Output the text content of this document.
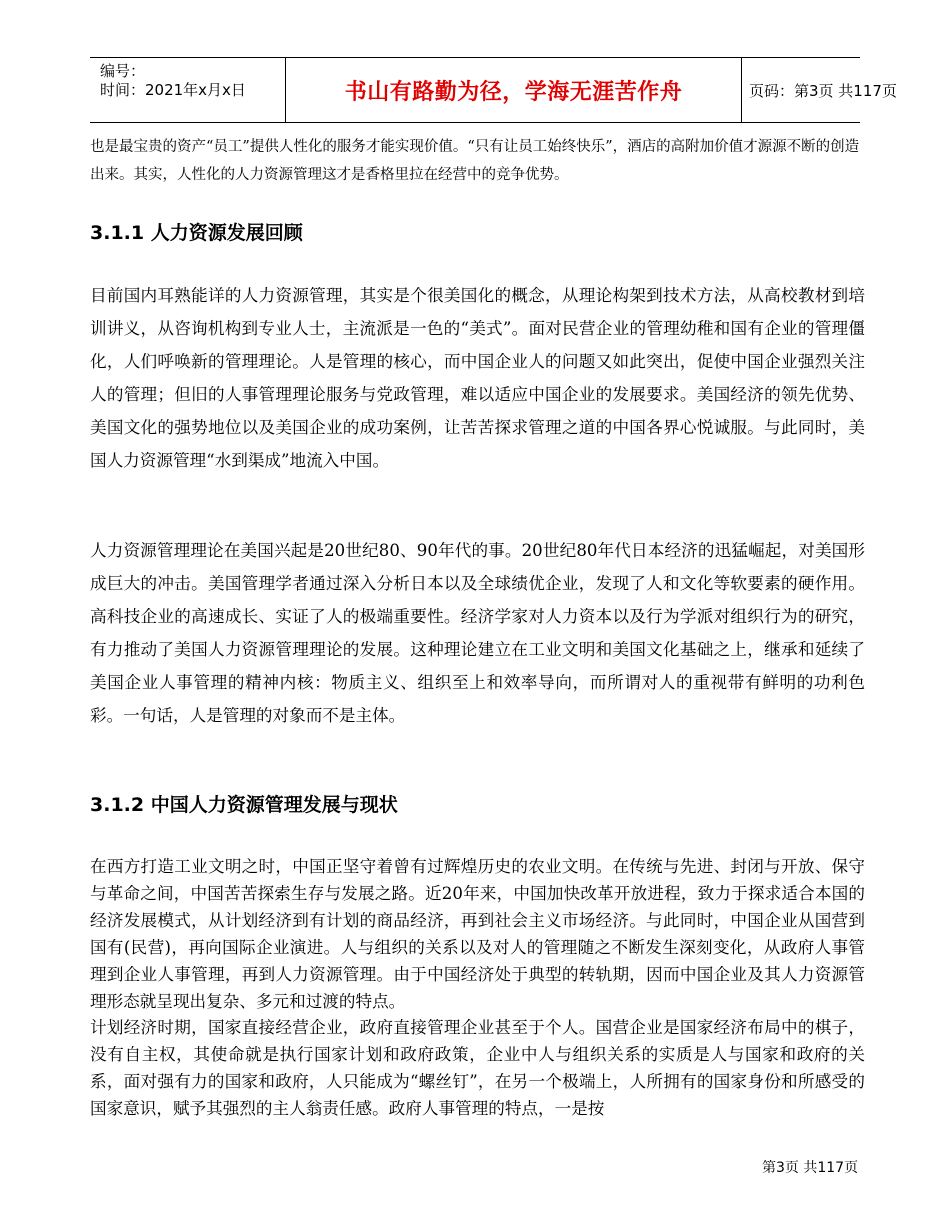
编号：
时间：2021年x月x日	书山有路勤为径，学海无涯苦作舟	页码：第3页 共117页
也是最宝贵的资产“员工”提供人性化的服务才能实现价值。“只有让员工始终快乐”，酒店的高附加价值才源源不断的创造出来。其实，人性化的人力资源管理这才是香格里拉在经营中的竞争优势。
3.1.1 人力资源发展回顾
目前国内耳熟能详的人力资源管理，其实是个很美国化的概念，从理论构架到技术方法，从高校教材到培训讲义，从咨询机构到专业人士，主流派是一色的“美式”。面对民营企业的管理幼稚和国有企业的管理僵化，人们呼唤新的管理理论。人是管理的核心，而中国企业人的问题又如此突出，促使中国企业强烈关注人的管理；但旧的人事管理理论服务与党政管理，难以适应中国企业的发展要求。美国经济的领先优势、美国文化的强势地位以及美国企业的成功案例，让苦苦探求管理之道的中国各界心悦诚服。与此同时，美国人力资源管理“水到渠成”地流入中国。
人力资源管理理论在美国兴起是20世纪80、90年代的事。20世纪80年代日本经济的迅猛崛起，对美国形成巨大的冲击。美国管理学者通过深入分析日本以及全球绩优企业，发现了人和文化等软要素的硬作用。高科技企业的高速成长、实证了人的极端重要性。经济学家对人力资本以及行为学派对组织行为的研究，有力推动了美国人力资源管理理论的发展。这种理论建立在工业文明和美国文化基础之上，继承和延续了美国企业人事管理的精神内核：物质主义、组织至上和效率导向，而所谓对人的重视带有鲜明的功利色彩。一句话，人是管理的对象而不是主体。
3.1.2 中国人力资源管理发展与现状
在西方打造工业文明之时，中国正坚守着曾有过辉煌历史的农业文明。在传统与先进、封闭与开放、保守与革命之间，中国苦苦探索生存与发展之路。近20年来，中国加快改革开放进程，致力于探求适合本国的经济发展模式，从计划经济到有计划的商品经济，再到社会主义市场经济。与此同时，中国企业从国营到国有(民营)，再向国际企业演进。人与组织的关系以及对人的管理随之不断发生深刻变化，从政府人事管理到企业人事管理，再到人力资源管理。由于中国经济处于典型的转轨期，因而中国企业及其人力资源管理形态就呈现出复杂、多元和过渡的特点。
计划经济时期，国家直接经营企业，政府直接管理企业甚至于个人。国营企业是国家经济布局中的棋子，没有自主权，其使命就是执行国家计划和政府政策，企业中人与组织关系的实质是人与国家和政府的关系，面对强有力的国家和政府，人只能成为“螺丝钉”，在另一个极端上，人所拥有的国家身份和所感受的国家意识，赋予其强烈的主人翁责任感。政府人事管理的特点，一是按
第3页 共117页
